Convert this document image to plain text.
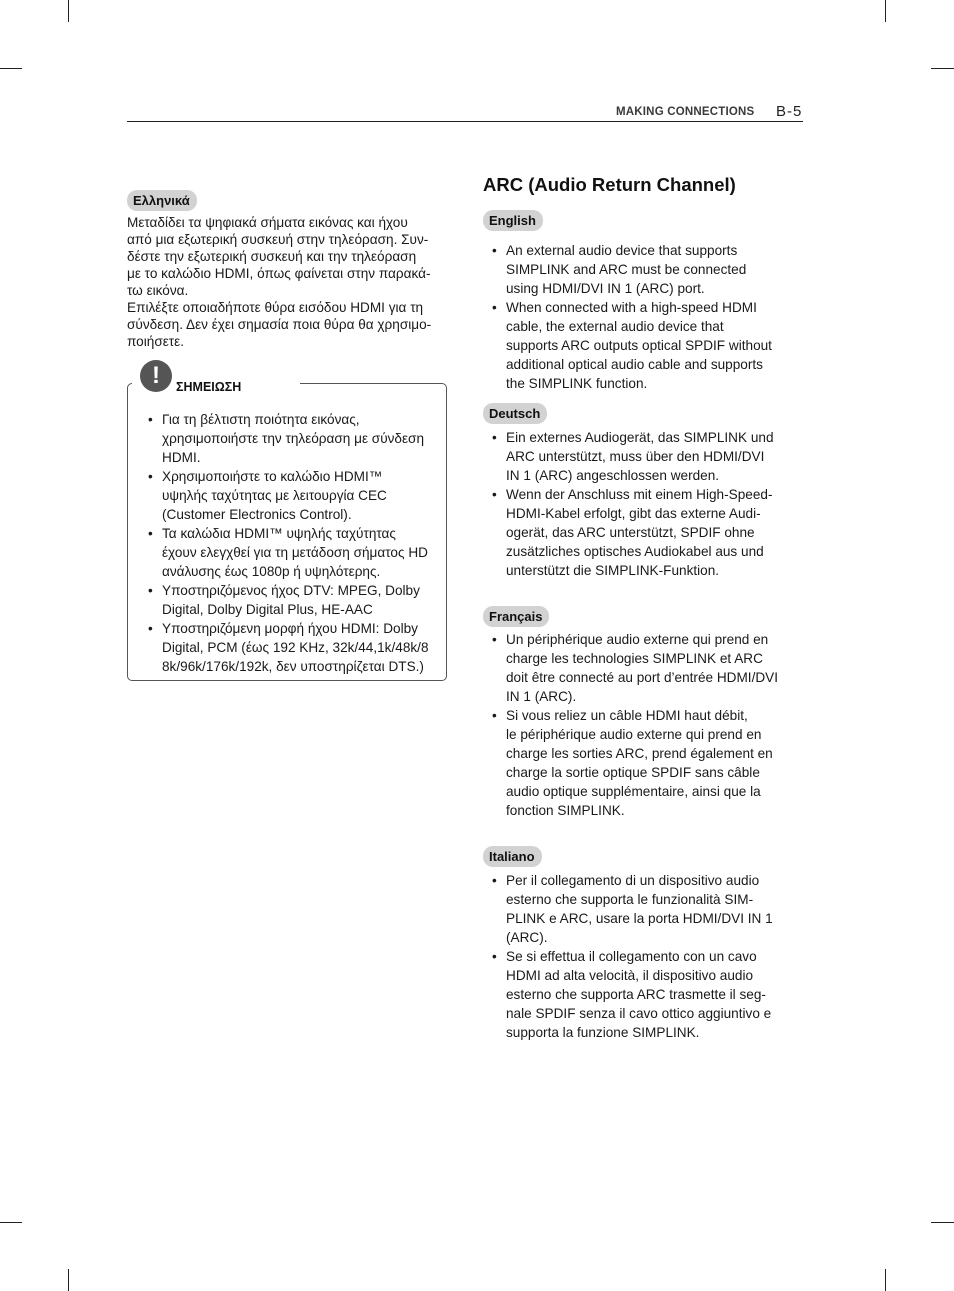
MAKING CONNECTIONS B-5
Ελληνικά
Μεταδίδει τα ψηφιακά σήματα εικόνας και ήχου
από μια εξωτερική συσκευή στην τηλεόραση. Συν-
δέστε την εξωτερική συσκευή και την τηλεόραση
με το καλώδιο HDMI, όπως φαίνεται στην παρακά-
τω εικόνα.
Επιλέξτε οποιαδήποτε θύρα εισόδου HDMI για τη
σύνδεση. Δεν έχει σημασία ποια θύρα θα χρησιμο-
ποιήσετε.
!	ΣΗΜΕΙΩΣΗ
• Για τη βέλτιστη ποιότητα εικόνας,
χρησιμοποιήστε την τηλεόραση με σύνδεση
HDMI.
• Χρησιμοποιήστε το καλώδιο HDMI™
υψηλής ταχύτητας με λειτουργία CEC
(Customer Electronics Control).
• Τα καλώδια HDMI™ υψηλής ταχύτητας
έχουν ελεγχθεί για τη μετάδοση σήματος HD
ανάλυσης έως 1080p ή υψηλότερης.
• Υποστηριζόμενος ήχος DTV: MPEG, Dolby
Digital, Dolby Digital Plus, HE-AAC
• Υποστηριζόμενη μορφή ήχου HDMI: Dolby
Digital, PCM (έως 192 KHz, 32k/44,1k/48k/8
8k/96k/176k/192k, δεν υποστηρίζεται DTS.)
ARC (Audio Return Channel)
English
• An external audio device that supports
SIMPLINK and ARC must be connected
using HDMI/DVI IN 1 (ARC) port.
• When connected with a high-speed HDMI
cable, the external audio device that
supports ARC outputs optical SPDIF without
additional optical audio cable and supports
the SIMPLINK function.
Deutsch
• Ein externes Audiogerät, das SIMPLINK und
ARC unterstützt, muss über den HDMI/DVI
IN 1 (ARC) angeschlossen werden.
• Wenn der Anschluss mit einem High-Speed-
HDMI-Kabel erfolgt, gibt das externe Audi-
ogerät, das ARC unterstützt, SPDIF ohne
zusätzliches optisches Audiokabel aus und
unterstützt die SIMPLINK-Funktion.
Français
• Un périphérique audio externe qui prend en
charge les technologies SIMPLINK et ARC
doit être connecté au port d’entrée HDMI/DVI
IN 1 (ARC).
• Si vous reliez un câble HDMI haut débit,
le périphérique audio externe qui prend en
charge les sorties ARC, prend également en
charge la sortie optique SPDIF sans câble
audio optique supplémentaire, ainsi que la
fonction SIMPLINK.
Italiano
• Per il collegamento di un dispositivo audio
esterno che supporta le funzionalità SIM-
PLINK e ARC, usare la porta HDMI/DVI IN 1
(ARC).
• Se si effettua il collegamento con un cavo
HDMI ad alta velocità, il dispositivo audio
esterno che supporta ARC trasmette il seg-
nale SPDIF senza il cavo ottico aggiuntivo e
supporta la funzione SIMPLINK.
